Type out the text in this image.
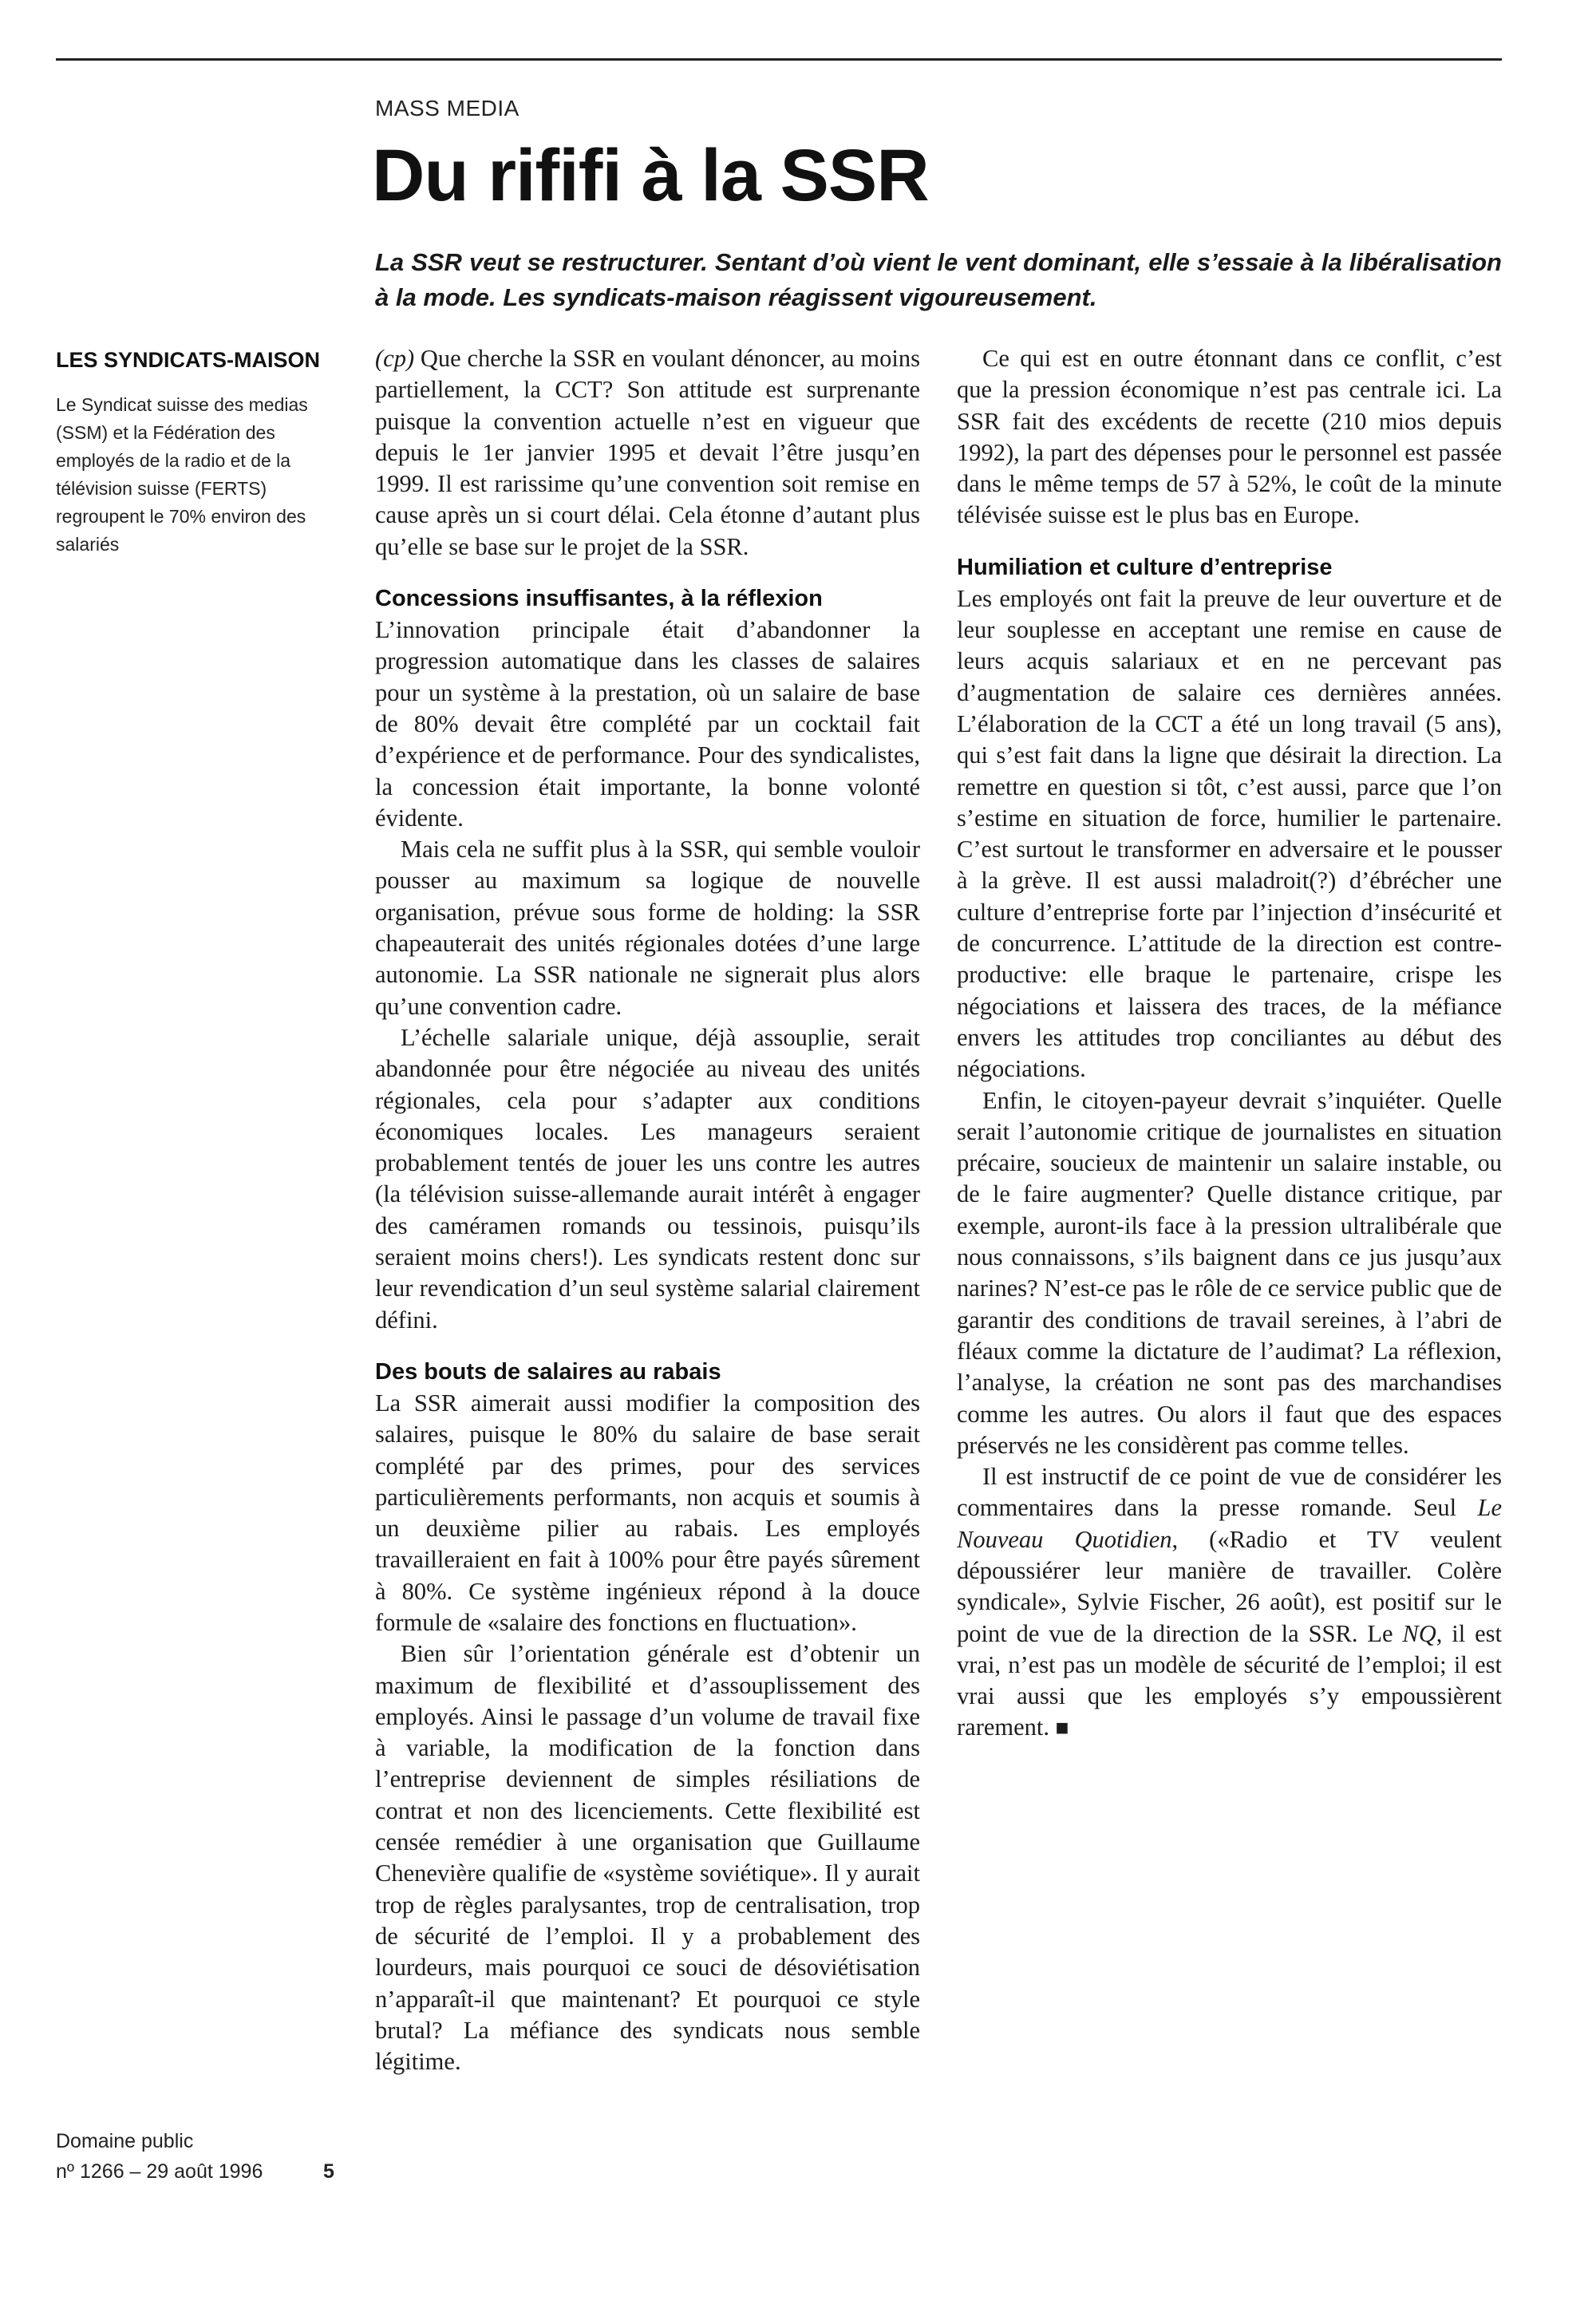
MASS MEDIA
Du rififi à la SSR

La SSR veut se restructurer. Sentant d’où vient le vent dominant, elle s’essaie à la libéralisation à la mode. Les syndicats-maison réagissent vigoureusement.

LES SYNDICATS-MAISON

Le Syndicat suisse des medias (SSM) et la Fédération des employés de la radio et de la télévision suisse (FERTS) regroupent le 70% environ des salariés

(cp) Que cherche la SSR en voulant dénoncer, au moins partiellement, la CCT? Son attitude est surprenante puisque la convention actuelle n’est en vigueur que depuis le 1er janvier 1995 et devait l’être jusqu’en 1999. Il est rarissime qu’une convention soit remise en cause après un si court délai. Cela étonne d’autant plus qu’elle se base sur le projet de la SSR.

Concessions insuffisantes, à la réflexion

L’innovation principale était d’abandonner la progression automatique dans les classes de salaires pour un système à la prestation, où un salaire de base de 80% devait être complété par un cocktail fait d’expérience et de performance. Pour des syndicalistes, la concession était importante, la bonne volonté évidente.

Mais cela ne suffit plus à la SSR, qui semble vouloir pousser au maximum sa logique de nouvelle organisation, prévue sous forme de holding: la SSR chapeauterait des unités régionales dotées d’une large autonomie. La SSR nationale ne signerait plus alors qu’une convention cadre.

L’échelle salariale unique, déjà assouplie, serait abandonnée pour être négociée au niveau des unités régionales, cela pour s’adapter aux conditions économiques locales. Les manageurs seraient probablement tentés de jouer les uns contre les autres (la télévision suisse-allemande aurait intérêt à engager des caméramen romands ou tessinois, puisqu’ils seraient moins chers!). Les syndicats restent donc sur leur revendication d’un seul système salarial clairement défini.

Des bouts de salaires au rabais

La SSR aimerait aussi modifier la composition des salaires, puisque le 80% du salaire de base serait complété par des primes, pour des services particulièrements performants, non acquis et soumis à un deuxième pilier au rabais. Les employés travailleraient en fait à 100% pour être payés sûrement à 80%. Ce système ingénieux répond à la douce formule de «salaire des fonctions en fluctuation».

Bien sûr l’orientation générale est d’obtenir un maximum de flexibilité et d’assouplissement des employés. Ainsi le passage d’un volume de travail fixe à variable, la modification de la fonction dans l’entreprise deviennent de simples résiliations de contrat et non des licenciements. Cette flexibilité est censée remédier à une organisation que Guillaume Chenevière qualifie de «système soviétique». Il y aurait trop de règles paralysantes, trop de centralisation, trop de sécurité de l’emploi. Il y a probablement des lourdeurs, mais pourquoi ce souci de désoviétisation n’apparaît-il que maintenant? Et pourquoi ce style brutal? La méfiance des syndicats nous semble légitime.

Ce qui est en outre étonnant dans ce conflit, c’est que la pression économique n’est pas centrale ici. La SSR fait des excédents de recette (210 mios depuis 1992), la part des dépenses pour le personnel est passée dans le même temps de 57 à 52%, le coût de la minute télévisée suisse est le plus bas en Europe.

Humiliation et culture d’entreprise

Les employés ont fait la preuve de leur ouverture et de leur souplesse en acceptant une remise en cause de leurs acquis salariaux et en ne percevant pas d’augmentation de salaire ces dernières années. L’élaboration de la CCT a été un long travail (5 ans), qui s’est fait dans la ligne que désirait la direction. La remettre en question si tôt, c’est aussi, parce que l’on s’estime en situation de force, humilier le partenaire. C’est surtout le transformer en adversaire et le pousser à la grève. Il est aussi maladroit(?) d’ébrécher une culture d’entreprise forte par l’injection d’insécurité et de concurrence. L’attitude de la direction est contre-productive: elle braque le partenaire, crispe les négociations et laissera des traces, de la méfiance envers les attitudes trop conciliantes au début des négociations.

Enfin, le citoyen-payeur devrait s’inquiéter. Quelle serait l’autonomie critique de journalistes en situation précaire, soucieux de maintenir un salaire instable, ou de le faire augmenter? Quelle distance critique, par exemple, auront-ils face à la pression ultralibérale que nous connaissons, s’ils baignent dans ce jus jusqu’aux narines? N’est-ce pas le rôle de ce service public que de garantir des conditions de travail sereines, à l’abri de fléaux comme la dictature de l’audimat? La réflexion, l’analyse, la création ne sont pas des marchandises comme les autres. Ou alors il faut que des espaces préservés ne les considèrent pas comme telles.

Il est instructif de ce point de vue de considérer les commentaires dans la presse romande. Seul Le Nouveau Quotidien, («Radio et TV veulent dépoussiérer leur manière de travailler. Colère syndicale», Sylvie Fischer, 26 août), est positif sur le point de vue de la direction de la SSR. Le NQ, il est vrai, n’est pas un modèle de sécurité de l’emploi; il est vrai aussi que les employés s’y empoussièrent rarement. ■

Domaine public
nº 1266 – 29 août 1996	5
